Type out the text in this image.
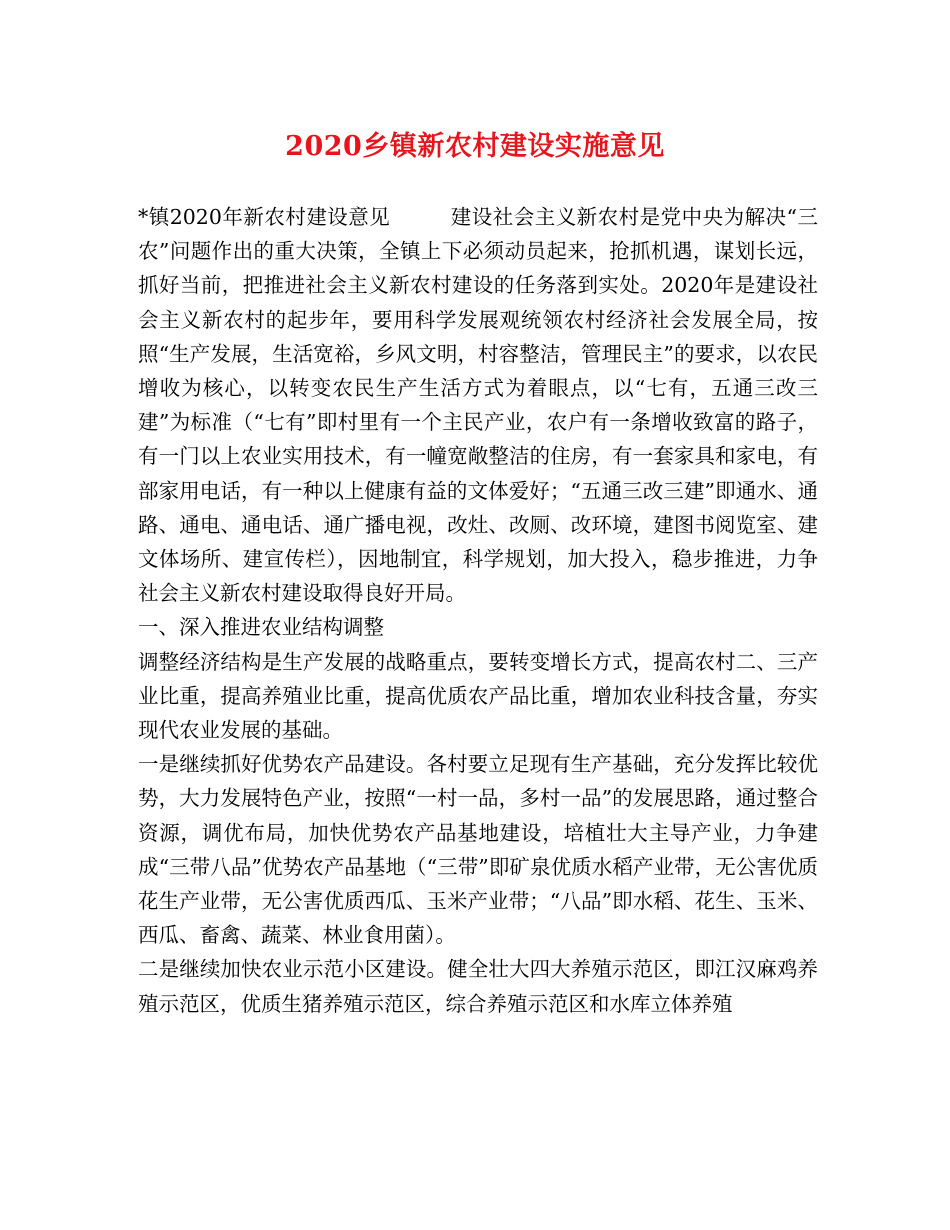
2020乡镇新农村建设实施意见

*镇2020年新农村建设意见	建设社会主义新农村是党中央为解决“三农”问题作出的重大决策，全镇上下必须动员起来，抢抓机遇，谋划长远，抓好当前，把推进社会主义新农村建设的任务落到实处。2020年是建设社会主义新农村的起步年，要用科学发展观统领农村经济社会发展全局，按照“生产发展，生活宽裕，乡风文明，村容整洁，管理民主”的要求，以农民增收为核心，以转变农民生产生活方式为着眼点，以“七有，五通三改三建”为标准（“七有”即村里有一个主民产业，农户有一条增收致富的路子，有一门以上农业实用技术，有一幢宽敞整洁的住房，有一套家具和家电，有部家用电话，有一种以上健康有益的文体爱好；“五通三改三建”即通水、通路、通电、通电话、通广播电视，改灶、改厕、改环境，建图书阅览室、建文体场所、建宣传栏），因地制宜，科学规划，加大投入，稳步推进，力争社会主义新农村建设取得良好开局。

一、深入推进农业结构调整

调整经济结构是生产发展的战略重点，要转变增长方式，提高农村二、三产业比重，提高养殖业比重，提高优质农产品比重，增加农业科技含量，夯实现代农业发展的基础。

一是继续抓好优势农产品建设。各村要立足现有生产基础，充分发挥比较优势，大力发展特色产业，按照“一村一品，多村一品”的发展思路，通过整合资源，调优布局，加快优势农产品基地建设，培植壮大主导产业，力争建成“三带八品”优势农产品基地（“三带”即矿泉优质水稻产业带，无公害优质花生产业带，无公害优质西瓜、玉米产业带；“八品”即水稻、花生、玉米、西瓜、畜禽、蔬菜、林业食用菌）。

二是继续加快农业示范小区建设。健全壮大四大养殖示范区，即江汉麻鸡养殖示范区，优质生猪养殖示范区，综合养殖示范区和水库立体养殖
